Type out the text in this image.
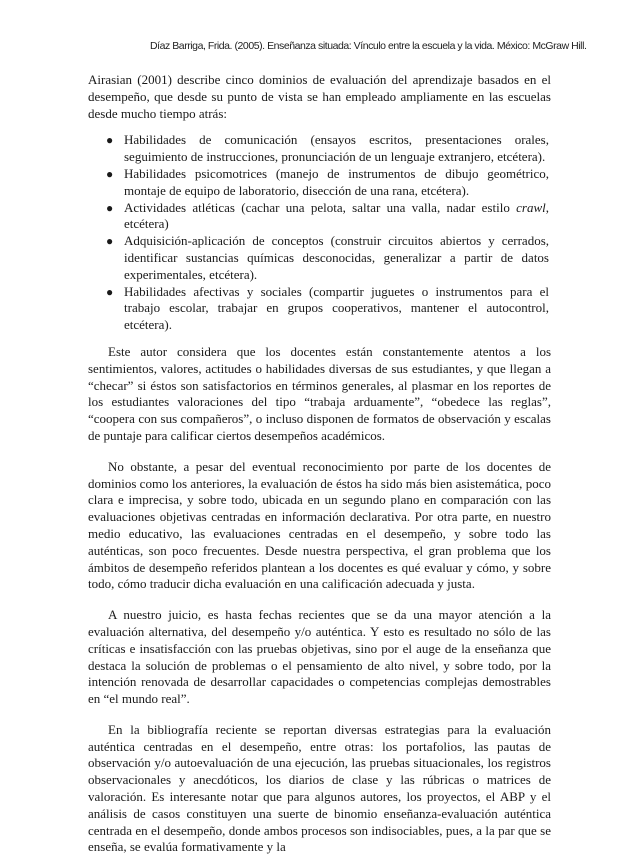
Díaz Barriga, Frida. (2005). Enseñanza situada: Vínculo entre la escuela y la vida. México: McGraw Hill.

Airasian (2001) describe cinco dominios de evaluación del aprendizaje basados en el desempeño, que desde su punto de vista se han empleado ampliamente en las escuelas desde mucho tiempo atrás:

● Habilidades de comunicación (ensayos escritos, presentaciones orales, seguimiento de instrucciones, pronunciación de un lenguaje extranjero, etcétera).
● Habilidades psicomotrices (manejo de instrumentos de dibujo geométrico, montaje de equipo de laboratorio, disección de una rana, etcétera).
● Actividades atléticas (cachar una pelota, saltar una valla, nadar estilo crawl, etcétera)
● Adquisición-aplicación de conceptos (construir circuitos abiertos y cerrados, identificar sustancias químicas desconocidas, generalizar a partir de datos experimentales, etcétera).
● Habilidades afectivas y sociales (compartir juguetes o instrumentos para el trabajo escolar, trabajar en grupos cooperativos, mantener el autocontrol, etcétera).

Este autor considera que los docentes están constantemente atentos a los sentimientos, valores, actitudes o habilidades diversas de sus estudiantes, y que llegan a “checar” si éstos son satisfactorios en términos generales, al plasmar en los reportes de los estudiantes valoraciones del tipo “trabaja arduamente”, “obedece las reglas”, “coopera con sus compañeros”, o incluso disponen de formatos de observación y escalas de puntaje para calificar ciertos desempeños académicos.

No obstante, a pesar del eventual reconocimiento por parte de los docentes de dominios como los anteriores, la evaluación de éstos ha sido más bien asistemática, poco clara e imprecisa, y sobre todo, ubicada en un segundo plano en comparación con las evaluaciones objetivas centradas en información declarativa. Por otra parte, en nuestro medio educativo, las evaluaciones centradas en el desempeño, y sobre todo las auténticas, son poco frecuentes. Desde nuestra perspectiva, el gran problema que los ámbitos de desempeño referidos plantean a los docentes es qué evaluar y cómo, y sobre todo, cómo traducir dicha evaluación en una calificación adecuada y justa.

A nuestro juicio, es hasta fechas recientes que se da una mayor atención a la evaluación alternativa, del desempeño y/o auténtica. Y esto es resultado no sólo de las críticas e insatisfacción con las pruebas objetivas, sino por el auge de la enseñanza que destaca la solución de problemas o el pensamiento de alto nivel, y sobre todo, por la intención renovada de desarrollar capacidades o competencias complejas demostrables en “el mundo real”.

En la bibliografía reciente se reportan diversas estrategias para la evaluación auténtica centradas en el desempeño, entre otras: los portafolios, las pautas de observación y/o autoevaluación de una ejecución, las pruebas situacionales, los registros observacionales y anecdóticos, los diarios de clase y las rúbricas o matrices de valoración. Es interesante notar que para algunos autores, los proyectos, el ABP y el análisis de casos constituyen una suerte de binomio enseñanza-evaluación auténtica centrada en el desempeño, donde ambos procesos son indisociables, pues, a la par que se enseña, se evalúa formativamente y la
